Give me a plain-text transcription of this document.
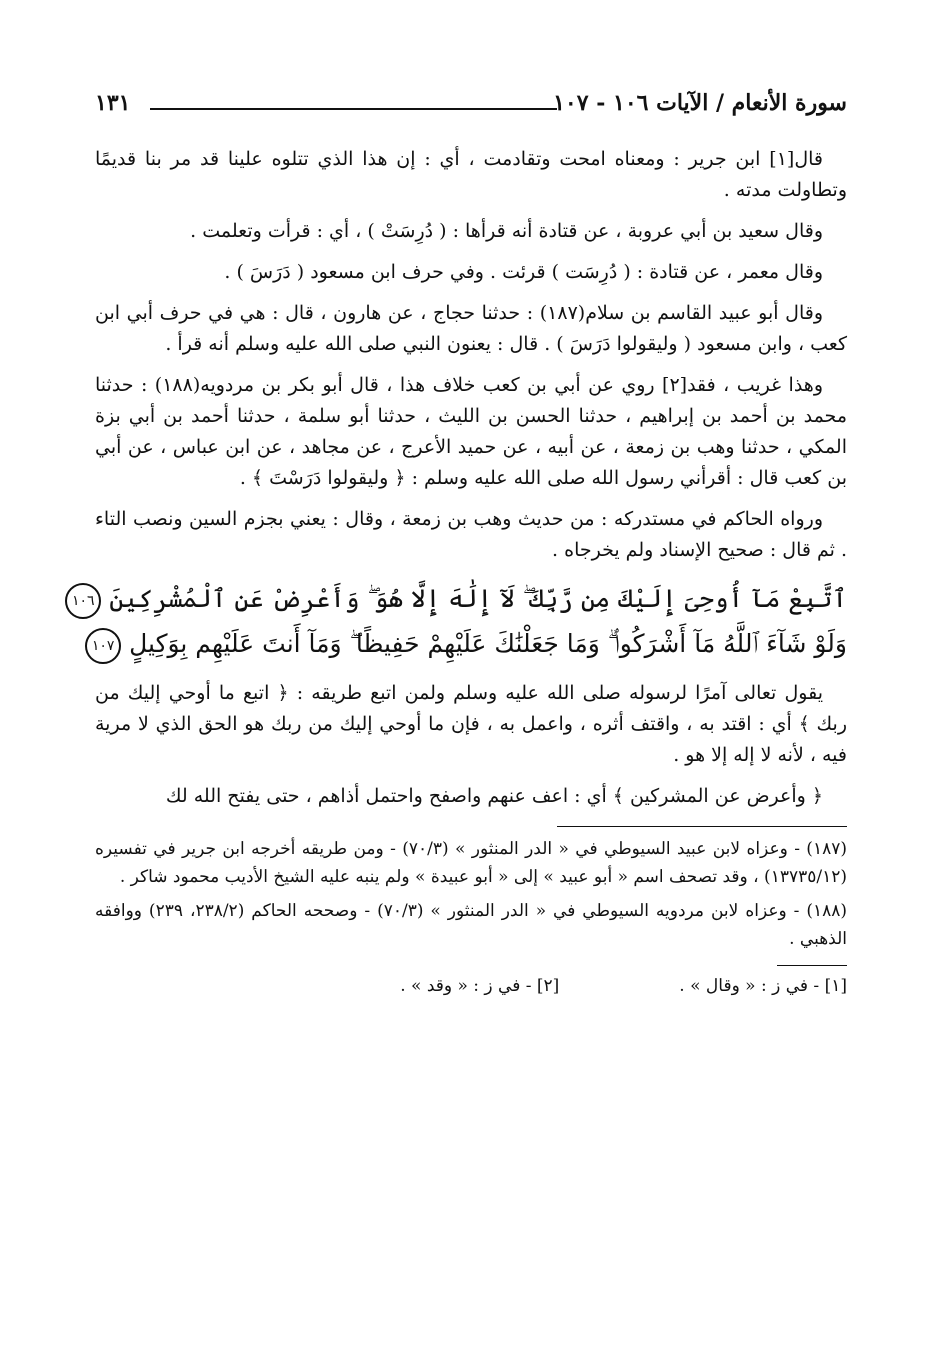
سورة الأنعام / الآيات ١٠٦ - ١٠٧
١٣١

قال[١] ابن جرير : ومعناه امحت وتقادمت ، أي : إن هذا الذي تتلوه علينا قد مر بنا قديمًا وتطاولت مدته .

وقال سعيد بن أبي عروبة ، عن قتادة أنه قرأها : ( دُرِسَتْ ) ، أي : قرأت وتعلمت .

وقال معمر ، عن قتادة : ( دُرِسَت ) قرئت . وفي حرف ابن مسعود ( دَرَسَ ) .

وقال أبو عبيد القاسم بن سلام(١٨٧) : حدثنا حجاج ، عن هارون ، قال : هي في حرف أبي ابن كعب ، وابن مسعود ( وليقولوا دَرَسَ ) . قال : يعنون النبي صلى الله عليه وسلم أنه قرأ .

وهذا غريب ، فقد[٢] روي عن أبي بن كعب خلاف هذا ، قال أبو بكر بن مردويه(١٨٨) : حدثنا محمد بن أحمد بن إبراهيم ، حدثنا الحسن بن الليث ، حدثنا أبو سلمة ، حدثنا أحمد بن أبي بزة المكي ، حدثنا وهب بن زمعة ، عن أبيه ، عن حميد الأعرج ، عن مجاهد ، عن ابن عباس ، عن أبي بن كعب قال : أقرأني رسول الله صلى الله عليه وسلم : ﴿ وليقولوا دَرَسْتَ ﴾ .

ورواه الحاكم في مستدركه : من حديث وهب بن زمعة ، وقال : يعني بجزم السين ونصب التاء . ثم قال : صحيح الإسناد ولم يخرجاه .

ٱتَّبِعْ مَآ أُوحِىَ إِلَيْكَ مِن رَّبِّكَ ۖ لَآ إِلَٰهَ إِلَّا هُوَ ۖ وَأَعْرِضْ عَنِ ٱلْمُشْرِكِينَ ١٠٦
وَلَوْ شَآءَ ٱللَّهُ مَآ أَشْرَكُوا۟ ۗ وَمَا جَعَلْنَٰكَ عَلَيْهِمْ حَفِيظًا ۖ وَمَآ أَنتَ عَلَيْهِم بِوَكِيلٍ ١٠٧

يقول تعالى آمرًا لرسوله صلى الله عليه وسلم ولمن اتبع طريقه : ﴿ اتبع ما أوحي إليك من ربك ﴾ أي : اقتد به ، واقتف أثره ، واعمل به ، فإن ما أوحي إليك من ربك هو الحق الذي لا مرية فيه ، لأنه لا إله إلا هو .

﴿ وأعرض عن المشركين ﴾ أي : اعف عنهم واصفح واحتمل أذاهم ، حتى يفتح الله لك

(١٨٧) - وعزاه لابن عبيد السيوطي في « الدر المنثور » (٧٠/٣) - ومن طريقه أخرجه ابن جرير في تفسيره (١٣٧٣٥/١٢) ، وقد تصحف اسم « أبو عبيد » إلى « أبو عبيدة » ولم ينبه عليه الشيخ الأديب محمود شاكر .
(١٨٨) - وعزاه لابن مردويه السيوطي في « الدر المنثور » (٧٠/٣) - وصححه الحاكم (٢٣٨/٢، ٢٣٩) ووافقه الذهبي .
[١] - في ز : « وقال » .
[٢] - في ز : « وقد » .
